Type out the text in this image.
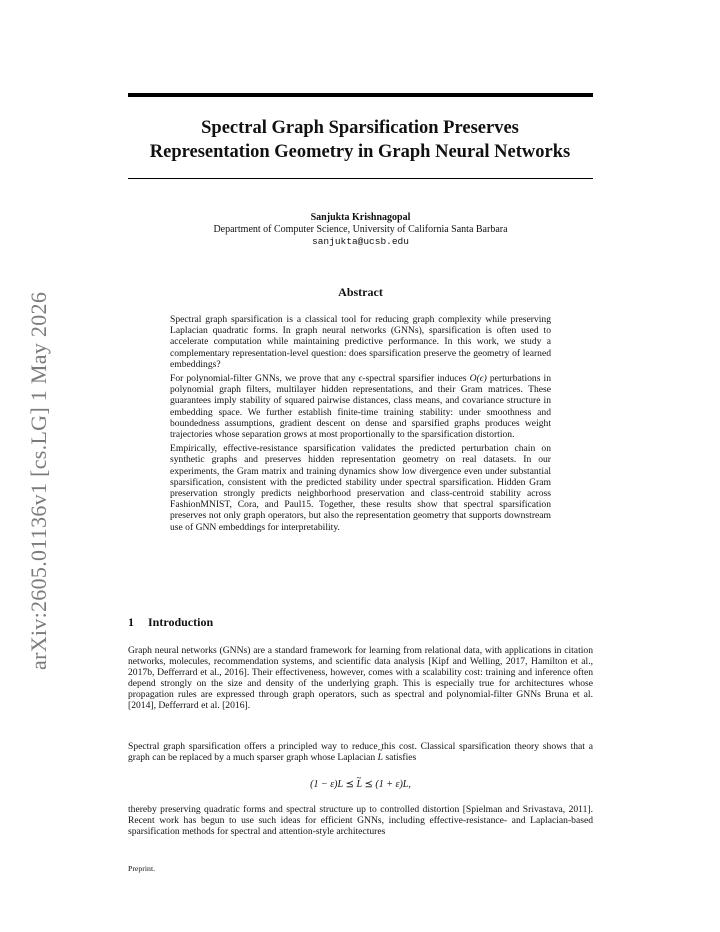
arXiv:2605.01136v1 [cs.LG] 1 May 2026
Spectral Graph Sparsification Preserves
Representation Geometry in Graph Neural Networks
Sanjukta Krishnagopal
Department of Computer Science, University of California Santa Barbara
sanjukta@ucsb.edu
Abstract

Spectral graph sparsification is a classical tool for reducing graph complexity while preserving Laplacian quadratic forms. In graph neural networks (GNNs), sparsification is often used to accelerate computation while maintaining predictive performance. In this work, we study a complementary representation-level question: does sparsification preserve the geometry of learned embeddings?

For polynomial-filter GNNs, we prove that any ϵ-spectral sparsifier induces O(ϵ) perturbations in polynomial graph filters, multilayer hidden representations, and their Gram matrices. These guarantees imply stability of squared pairwise distances, class means, and covariance structure in embedding space. We further establish finite-time training stability: under smoothness and boundedness assumptions, gradient descent on dense and sparsified graphs produces weight trajectories whose separation grows at most proportionally to the sparsification distortion.

Empirically, effective-resistance sparsification validates the predicted perturbation chain on synthetic graphs and preserves hidden representation geometry on real datasets. In our experiments, the Gram matrix and training dynamics show low divergence even under substantial sparsification, consistent with the predicted stability under spectral sparsification. Hidden Gram preservation strongly predicts neighborhood preservation and class-centroid stability across FashionMNIST, Cora, and Paul15. Together, these results show that spectral sparsification preserves not only graph operators, but also the representation geometry that supports downstream use of GNN embeddings for interpretability.

1 Introduction

Graph neural networks (GNNs) are a standard framework for learning from relational data, with applications in citation networks, molecules, recommendation systems, and scientific data analysis [Kipf and Welling, 2017, Hamilton et al., 2017b, Defferrard et al., 2016]. Their effectiveness, however, comes with a scalability cost: training and inference often depend strongly on the size and density of the underlying graph. This is especially true for architectures whose propagation rules are expressed through graph operators, such as spectral and polynomial-filter GNNs Bruna et al. [2014], Defferrard et al. [2016].

Spectral graph sparsification offers a principled way to reduce this cost. Classical sparsification theory shows that a graph can be replaced by a much sparser graph whose Laplacian ~ L satisfies

(1 − ε)L ⪯ ~ L ⪯ (1 + ε)L,

thereby preserving quadratic forms and spectral structure up to controlled distortion [Spielman and Srivastava, 2011]. Recent work has begun to use such ideas for efficient GNNs, including effective-resistance- and Laplacian-based sparsification methods for spectral and attention-style architectures

Preprint.
